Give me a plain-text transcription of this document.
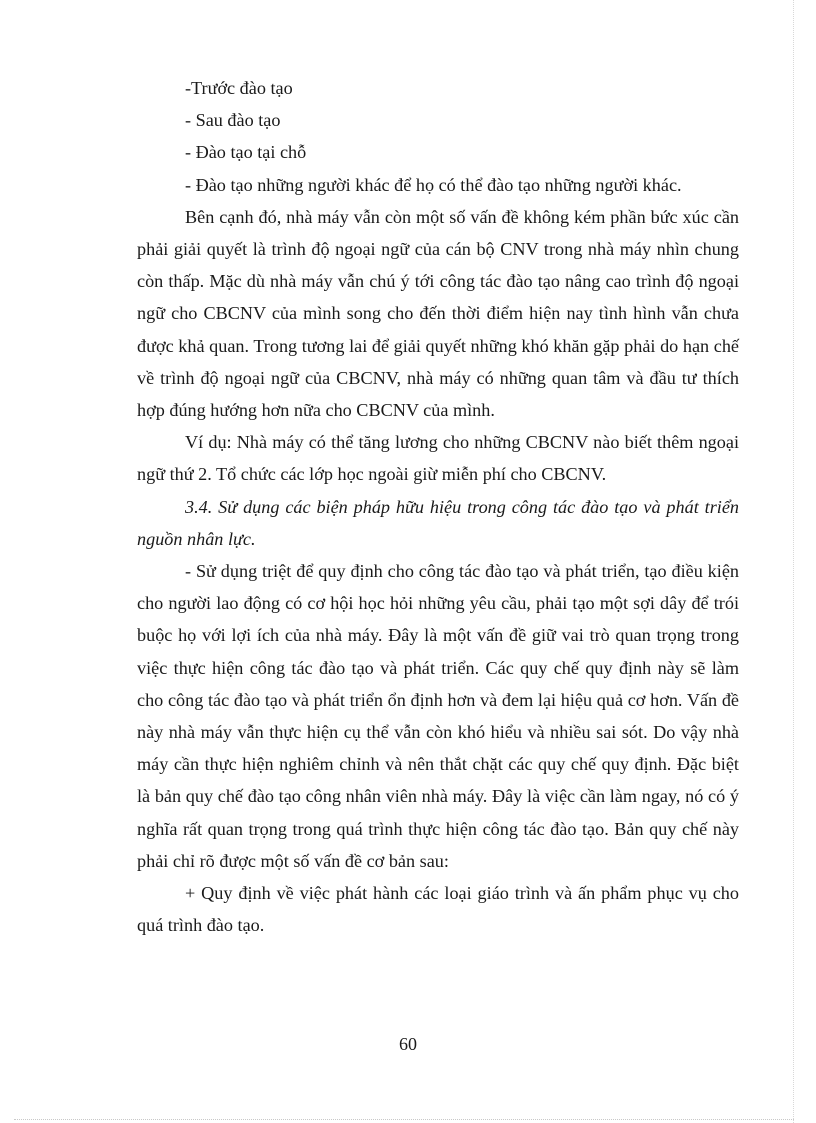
-Trước đào tạo

- Sau đào tạo

- Đào tạo tại chỗ

- Đào tạo những người khác để họ có thể đào tạo những người khác.

Bên cạnh đó, nhà máy vẫn còn một số vấn đề không kém phần bức xúc cần phải giải quyết là trình độ ngoại ngữ của cán bộ CNV trong nhà máy nhìn chung còn thấp. Mặc dù nhà máy vẫn chú ý tới công tác đào tạo nâng cao trình độ ngoại ngữ cho CBCNV của mình song cho đến thời điểm hiện nay tình hình vẫn chưa được khả quan. Trong tương lai để giải quyết những khó khăn gặp phải do hạn chế về trình độ ngoại ngữ của CBCNV, nhà máy có những quan tâm và đầu tư thích hợp đúng hướng hơn nữa cho CBCNV của mình.

Ví dụ: Nhà máy có thể tăng lương cho những CBCNV nào biết thêm ngoại ngữ thứ 2. Tổ chức các lớp học ngoài giừ miễn phí cho CBCNV.

3.4. Sử dụng các biện pháp hữu hiệu trong công tác đào tạo và phát triển nguồn nhân lực.

- Sử dụng triệt để quy định cho công tác đào tạo và phát triển, tạo điều kiện cho người lao động có cơ hội học hỏi những yêu cầu, phải tạo một sợi dây để trói buộc họ với lợi ích của nhà máy. Đây là một vấn đề giữ vai trò quan trọng trong việc thực hiện công tác đào tạo và phát triển. Các quy chế quy định này sẽ làm cho công tác đào tạo và phát triển ổn định hơn và đem lại hiệu quả cơ hơn. Vấn đề này nhà máy vẫn thực hiện cụ thể vẫn còn khó hiểu và nhiều sai sót. Do vậy nhà máy cần thực hiện nghiêm chỉnh và nên thắt chặt các quy chế quy định. Đặc biệt là bản quy chế đào tạo công nhân viên nhà máy. Đây là việc cần làm ngay, nó có ý nghĩa rất quan trọng trong quá trình thực hiện công tác đào tạo. Bản quy chế này phải chỉ rõ được một số vấn đề cơ bản sau:

+ Quy định về việc phát hành các loại giáo trình và ấn phẩm phục vụ cho quá trình đào tạo.

60
